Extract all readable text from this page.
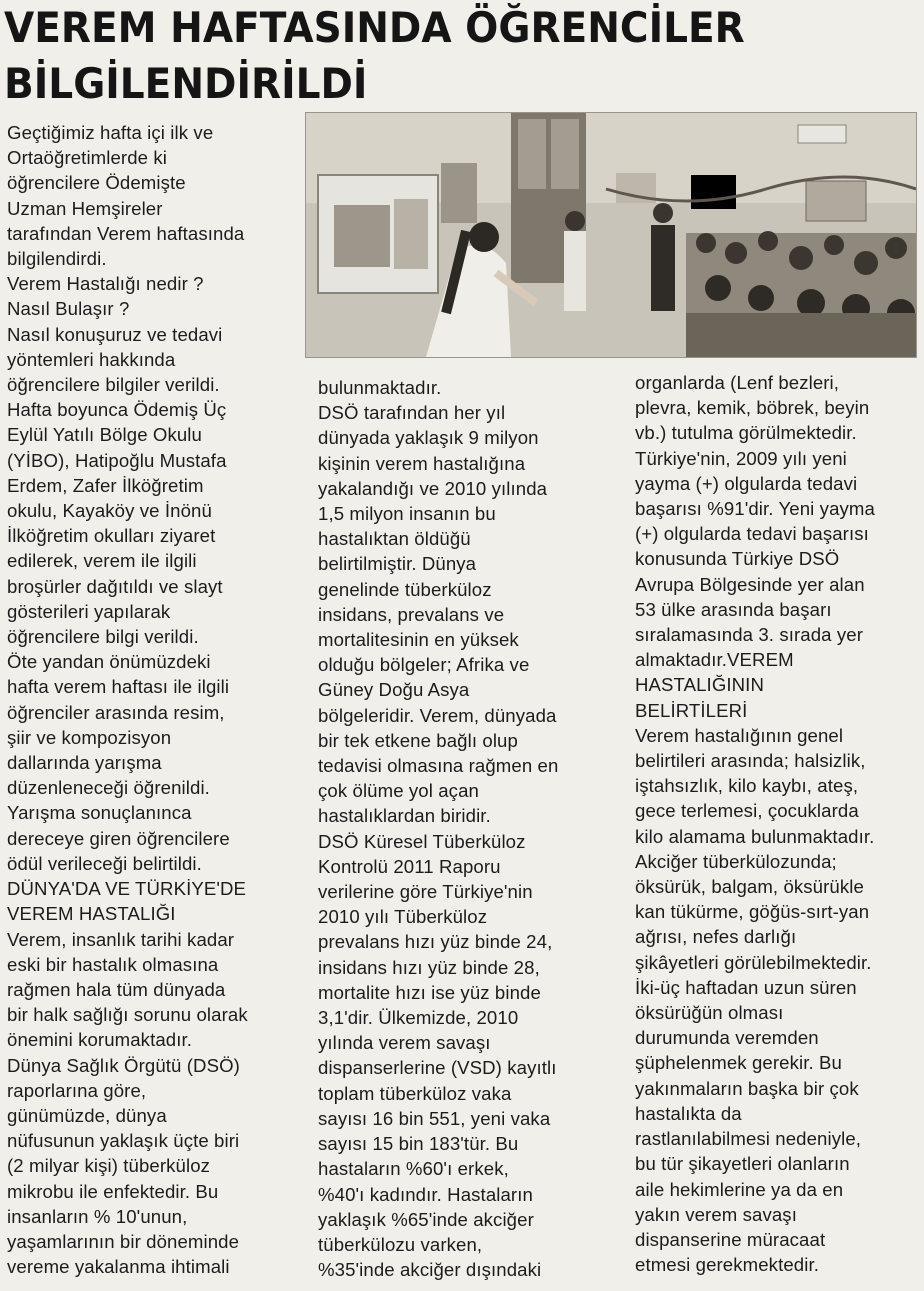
VEREM HAFTASINDA ÖĞRENCİLER
BİLGİLENDİRİLDİ

Geçtiğimiz hafta içi ilk ve

Ortaöğretimlerde ki

öğrencilere Ödemişte

Uzman Hemşireler

tarafından Verem haftasında

bilgilendirdi.

Verem Hastalığı nedir ?

Nasıl Bulaşır ?

Nasıl konuşuruz ve tedavi

yöntemleri hakkında

öğrencilere bilgiler verildi.

Hafta boyunca Ödemiş Üç

Eylül Yatılı Bölge Okulu

(YİBO), Hatipoğlu Mustafa

Erdem, Zafer İlköğretim

okulu, Kayaköy ve İnönü

İlköğretim okulları ziyaret

edilerek, verem ile ilgili

broşürler dağıtıldı ve slayt

gösterileri yapılarak

öğrencilere bilgi verildi.

Öte yandan önümüzdeki

hafta verem haftası ile ilgili

öğrenciler arasında resim,

şiir ve kompozisyon

dallarında yarışma

düzenleneceği öğrenildi.

Yarışma sonuçlanınca

dereceye giren öğrencilere

ödül verileceği belirtildi.

DÜNYA'DA VE TÜRKİYE'DE

VEREM HASTALIĞI

Verem, insanlık tarihi kadar

eski bir hastalık olmasına

rağmen hala tüm dünyada

bir halk sağlığı sorunu olarak

önemini korumaktadır.

Dünya Sağlık Örgütü (DSÖ)

raporlarına göre,

günümüzde, dünya

nüfusunun yaklaşık üçte biri

(2 milyar kişi) tüberküloz

mikrobu ile enfektedir. Bu

insanların % 10'unun,

yaşamlarının bir döneminde

vereme yakalanma ihtimali

bulunmaktadır.

DSÖ tarafından her yıl

dünyada yaklaşık 9 milyon

kişinin verem hastalığına

yakalandığı ve 2010 yılında

1,5 milyon insanın bu

hastalıktan öldüğü

belirtilmiştir. Dünya

genelinde tüberküloz

insidans, prevalans ve

mortalitesinin en yüksek

olduğu bölgeler; Afrika ve

Güney Doğu Asya

bölgeleridir. Verem, dünyada

bir tek etkene bağlı olup

tedavisi olmasına rağmen en

çok ölüme yol açan

hastalıklardan biridir.

DSÖ Küresel Tüberküloz

Kontrolü 2011 Raporu

verilerine göre Türkiye'nin

2010 yılı Tüberküloz

prevalans hızı yüz binde 24,

insidans hızı yüz binde 28,

mortalite hızı ise yüz binde

3,1'dir. Ülkemizde, 2010

yılında verem savaşı

dispanserlerine (VSD) kayıtlı

toplam tüberküloz vaka

sayısı 16 bin 551, yeni vaka

sayısı 15 bin 183'tür. Bu

hastaların %60'ı erkek,

%40'ı kadındır. Hastaların

yaklaşık %65'inde akciğer

tüberkülozu varken,

%35'inde akciğer dışındaki

organlarda (Lenf bezleri,

plevra, kemik, böbrek, beyin

vb.) tutulma görülmektedir.

Türkiye'nin, 2009 yılı yeni

yayma (+) olgularda tedavi

başarısı %91'dir. Yeni yayma

(+) olgularda tedavi başarısı

konusunda Türkiye DSÖ

Avrupa Bölgesinde yer alan

53 ülke arasında başarı

sıralamasında 3. sırada yer

almaktadır.VEREM

HASTALIĞININ

BELİRTİLERİ

Verem hastalığının genel

belirtileri arasında; halsizlik,

iştahsızlık, kilo kaybı, ateş,

gece terlemesi, çocuklarda

kilo alamama bulunmaktadır.

Akciğer tüberkülozunda;

öksürük, balgam, öksürükle

kan tükürme, göğüs-sırt-yan

ağrısı, nefes darlığı

şikâyetleri görülebilmektedir.

İki-üç haftadan uzun süren

öksürüğün olması

durumunda veremden

şüphelenmek gerekir. Bu

yakınmaların başka bir çok

hastalıkta da

rastlanılabilmesi nedeniyle,

bu tür şikayetleri olanların

aile hekimlerine ya da en

yakın verem savaşı

dispanserine müracaat

etmesi gerekmektedir.
